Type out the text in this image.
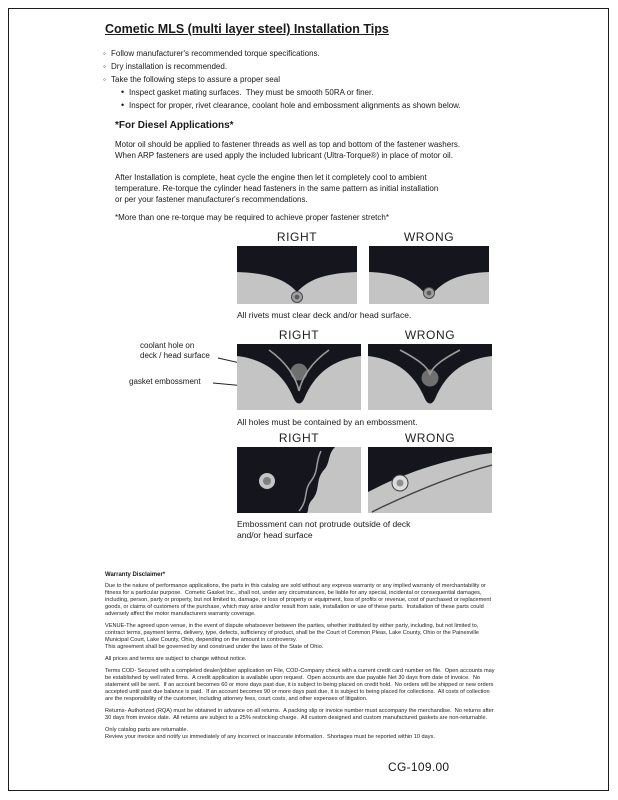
Cometic MLS (multi layer steel) Installation Tips
◦ Follow manufacturer's recommended torque specifications.
◦ Dry installation is recommended.
◦ Take the following steps to assure a proper seal
• Inspect gasket mating surfaces.  They must be smooth 50RA or finer.
• Inspect for proper, rivet clearance, coolant hole and embossment alignments as shown below.
*For Diesel Applications*
Motor oil should be applied to fastener threads as well as top and bottom of the fastener washers.
When ARP fasteners are used apply the included lubricant (Ultra-Torque®) in place of motor oil.
After Installation is complete, heat cycle the engine then let it completely cool to ambient
temperature. Re-torque the cylinder head fasteners in the same pattern as initial installation
or per your fastener manufacturer's recommendations.
*More than one re-torque may be required to achieve proper fastener stretch*
RIGHT	WRONG
All rivets must clear deck and/or head surface.
RIGHT	WRONG
coolant hole on
deck / head surface
gasket embossment
All holes must be contained by an embossment.
RIGHT	WRONG
Embossment can not protrude outside of deck
and/or head surface
Warranty Disclaimer*
Due to the nature of performance applications, the parts in this catalog are sold without any express warranty or any implied warranty of merchantability or
fitness for a particular purpose.  Cometic Gasket Inc., shall not, under any circumstances, be liable for any special, incidental or consequential damages,
including, person, party or property, but not limited to, damage, or loss of property or equipment, loss of profits or revenue, cost of purchased or replacement
goods, or claims of customers of the purchase, which may arise and/or result from sale, installation or use of these parts.  Installation of these parts could
adversely affect the motor manufacturers warranty coverage.
VENUE-The agreed upon venue, in the event of dispute whatsoever between the parties, whether instituted by either party, including, but not limited to,
contract terms, payment terms, delivery, type, defects, sufficiency of product, shall be the Court of Common Pleas, Lake County, Ohio or the Painesville
Municipal Court, Lake County, Ohio, depending on the amount in controversy.
This agreement shall be governed by and construed under the laws of the State of Ohio.
All prices and terms are subject to change without notice.
Terms COD- Secured with a completed dealer/jobber application on File, COD-Company check with a current credit card number on file.  Open accounts may
be established by well rated firms.  A credit application is available upon request.  Open accounts are due payable Net 30 days from date of invoice.  No
statement will be sent.  If an account becomes 60 or more days past due, it is subject to being placed on credit hold.  No orders will be shipped or new orders
accepted until past due balance is paid.  If an account becomes 90 or more days past due, it is subject to being placed for collections.  All costs of collection
are the responsibility of the customer, including attorney fees, court costs, and other expenses of litigation.
Returns- Authorized (RQA) must be obtained in advance on all returns.  A packing slip or invoice number must accompany the merchandise.  No returns after
30 days from invoice date.  All returns are subject to a 25% restocking charge.  All custom designed and custom manufactured gaskets are non-returnable.
Only catalog parts are returnable.
Review your invoice and notify us immediately of any incorrect or inaccurate information.  Shortages must be reported within 10 days.
CG-109.00
